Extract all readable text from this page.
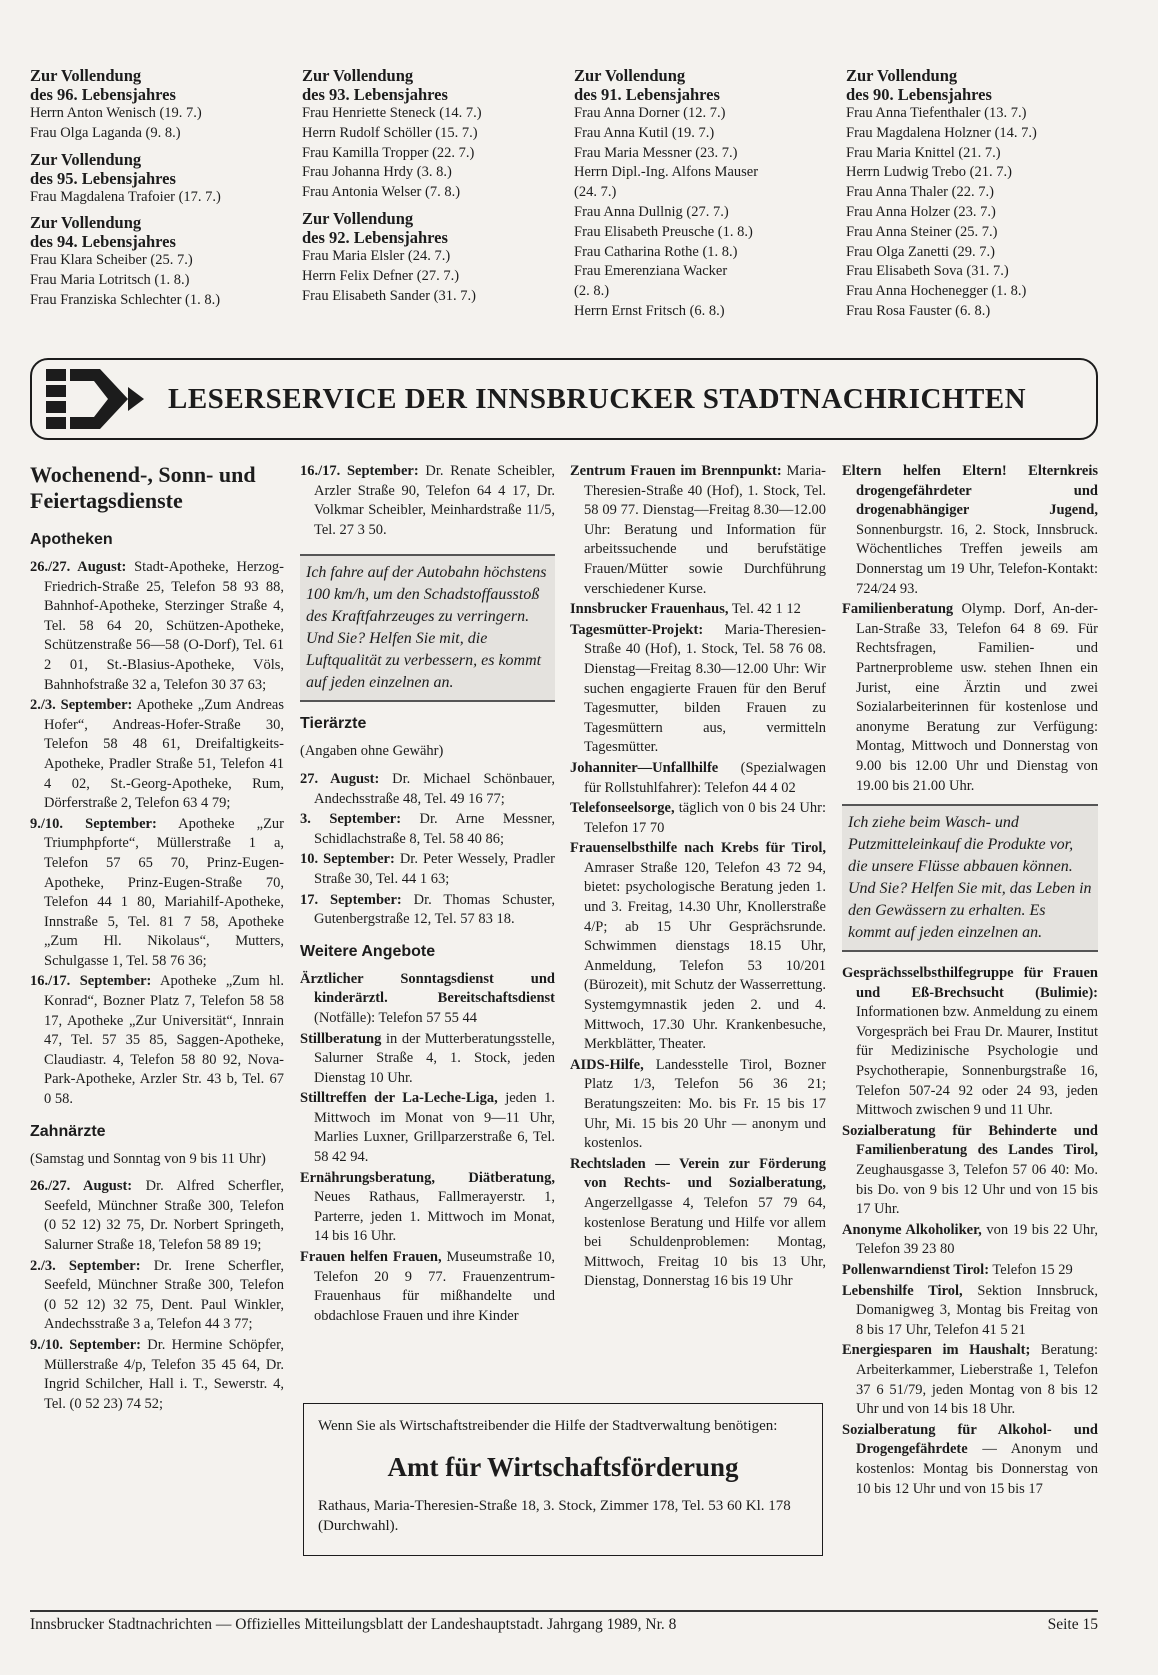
Zur Vollendung
des 96. Lebensjahres
Herrn Anton Wenisch (19. 7.)
Frau Olga Laganda (9. 8.)
Zur Vollendung
des 95. Lebensjahres
Frau Magdalena Trafoier (17. 7.)
Zur Vollendung
des 94. Lebensjahres
Frau Klara Scheiber (25. 7.)
Frau Maria Lotritsch (1. 8.)
Frau Franziska Schlechter (1. 8.)
Zur Vollendung
des 93. Lebensjahres
Frau Henriette Steneck (14. 7.)
Herrn Rudolf Schöller (15. 7.)
Frau Kamilla Tropper (22. 7.)
Frau Johanna Hrdy (3. 8.)
Frau Antonia Welser (7. 8.)
Zur Vollendung
des 92. Lebensjahres
Frau Maria Elsler (24. 7.)
Herrn Felix Defner (27. 7.)
Frau Elisabeth Sander (31. 7.)
Zur Vollendung
des 91. Lebensjahres
Frau Anna Dorner (12. 7.)
Frau Anna Kutil (19. 7.)
Frau Maria Messner (23. 7.)
Herrn Dipl.-Ing. Alfons Mauser
(24. 7.)
Frau Anna Dullnig (27. 7.)
Frau Elisabeth Preusche (1. 8.)
Frau Catharina Rothe (1. 8.)
Frau Emerenziana Wacker
(2. 8.)
Herrn Ernst Fritsch (6. 8.)
Zur Vollendung
des 90. Lebensjahres
Frau Anna Tiefenthaler (13. 7.)
Frau Magdalena Holzner (14. 7.)
Frau Maria Knittel (21. 7.)
Herrn Ludwig Trebo (21. 7.)
Frau Anna Thaler (22. 7.)
Frau Anna Holzer (23. 7.)
Frau Anna Steiner (25. 7.)
Frau Olga Zanetti (29. 7.)
Frau Elisabeth Sova (31. 7.)
Frau Anna Hochenegger (1. 8.)
Frau Rosa Fauster (6. 8.)
LESERSERVICE DER INNSBRUCKER STADTNACHRICHTEN
Wochenend-, Sonn- und Feiertagsdienste
Apotheken

26./27. August: Stadt-Apotheke, Herzog-Friedrich-Straße 25, Telefon 58 93 88, Bahnhof-Apotheke, Sterzinger Straße 4, Tel. 58 64 20, Schützen-Apotheke, Schützenstraße 56—58 (O-Dorf), Tel. 61 2 01, St.-Blasius-Apotheke, Völs, Bahnhofstraße 32 a, Telefon 30 37 63;

2./3. September: Apotheke „Zum Andreas Hofer“, Andreas-Hofer-Straße 30, Telefon 58 48 61, Dreifaltigkeits-Apotheke, Pradler Straße 51, Telefon 41 4 02, St.-Georg-Apotheke, Rum, Dörferstraße 2, Telefon 63 4 79;

9./10. September: Apotheke „Zur Triumphpforte“, Müllerstraße 1 a, Telefon 57 65 70, Prinz-Eugen-Apotheke, Prinz-Eugen-Straße 70, Telefon 44 1 80, Mariahilf-Apotheke, Innstraße 5, Tel. 81 7 58, Apotheke „Zum Hl. Nikolaus“, Mutters, Schulgasse 1, Tel. 58 76 36;

16./17. September: Apotheke „Zum hl. Konrad“, Bozner Platz 7, Telefon 58 58 17, Apotheke „Zur Universität“, Innrain 47, Tel. 57 35 85, Saggen-Apotheke, Claudiastr. 4, Telefon 58 80 92, Nova-Park-Apotheke, Arzler Str. 43 b, Tel. 67 0 58.

Zahnärzte
(Samstag und Sonntag von 9 bis 11 Uhr)

26./27. August: Dr. Alfred Scherfler, Seefeld, Münchner Straße 300, Telefon (0 52 12) 32 75, Dr. Norbert Springeth, Salurner Straße 18, Telefon 58 89 19;

2./3. September: Dr. Irene Scherfler, Seefeld, Münchner Straße 300, Telefon (0 52 12) 32 75, Dent. Paul Winkler, Andechsstraße 3 a, Telefon 44 3 77;

9./10. September: Dr. Hermine Schöpfer, Müllerstraße 4/p, Telefon 35 45 64, Dr. Ingrid Schilcher, Hall i. T., Sewerstr. 4, Tel. (0 52 23) 74 52;

16./17. September: Dr. Renate Scheibler, Arzler Straße 90, Telefon 64 4 17, Dr. Volkmar Scheibler, Meinhardstraße 11/5, Tel. 27 3 50.

Ich fahre auf der Autobahn höchstens 100 km/h, um den Schadstoffausstoß des Kraftfahrzeuges zu verringern. Und Sie? Helfen Sie mit, die Luftqualität zu verbessern, es kommt auf jeden einzelnen an.
Tierärzte
(Angaben ohne Gewähr)

27. August: Dr. Michael Schönbauer, Andechsstraße 48, Tel. 49 16 77;

3. September: Dr. Arne Messner, Schidlachstraße 8, Tel. 58 40 86;

10. September: Dr. Peter Wessely, Pradler Straße 30, Tel. 44 1 63;

17. September: Dr. Thomas Schuster, Gutenbergstraße 12, Tel. 57 83 18.

Weitere Angebote

Ärztlicher Sonntagsdienst und kinderärztl. Bereitschaftsdienst (Notfälle): Telefon 57 55 44

Stillberatung in der Mutterberatungsstelle, Salurner Straße 4, 1. Stock, jeden Dienstag 10 Uhr.

Stilltreffen der La-Leche-Liga, jeden 1. Mittwoch im Monat von 9—11 Uhr, Marlies Luxner, Grillparzerstraße 6, Tel. 58 42 94.

Ernährungsberatung, Diätberatung, Neues Rathaus, Fallmerayerstr. 1, Parterre, jeden 1. Mittwoch im Monat, 14 bis 16 Uhr.

Frauen helfen Frauen, Museumstraße 10, Telefon 20 9 77. Frauenzentrum-Frauenhaus für mißhandelte und obdachlose Frauen und ihre Kinder

Zentrum Frauen im Brennpunkt: Maria-Theresien-Straße 40 (Hof), 1. Stock, Tel. 58 09 77. Dienstag—Freitag 8.30—12.00 Uhr: Beratung und Information für arbeitssuchende und berufstätige Frauen/Mütter sowie Durchführung verschiedener Kurse.

Innsbrucker Frauenhaus, Tel. 42 1 12

Tagesmütter-Projekt: Maria-Theresien-Straße 40 (Hof), 1. Stock, Tel. 58 76 08. Dienstag—Freitag 8.30—12.00 Uhr: Wir suchen engagierte Frauen für den Beruf Tagesmutter, bilden Frauen zu Tagesmüttern aus, vermitteln Tagesmütter.

Johanniter—Unfallhilfe (Spezialwagen für Rollstuhlfahrer): Telefon 44 4 02

Telefonseelsorge, täglich von 0 bis 24 Uhr: Telefon 17 70

Frauenselbsthilfe nach Krebs für Tirol, Amraser Straße 120, Telefon 43 72 94, bietet: psychologische Beratung jeden 1. und 3. Freitag, 14.30 Uhr, Knollerstraße 4/P; ab 15 Uhr Gesprächsrunde. Schwimmen dienstags 18.15 Uhr, Anmeldung, Telefon 53 10/201 (Bürozeit), mit Schutz der Wasserrettung. Systemgymnastik jeden 2. und 4. Mittwoch, 17.30 Uhr. Krankenbesuche, Merkblätter, Theater.

AIDS-Hilfe, Landesstelle Tirol, Bozner Platz 1/3, Telefon 56 36 21; Beratungszeiten: Mo. bis Fr. 15 bis 17 Uhr, Mi. 15 bis 20 Uhr — anonym und kostenlos.

Rechtsladen — Verein zur Förderung von Rechts- und Sozialberatung, Angerzellgasse 4, Telefon 57 79 64, kostenlose Beratung und Hilfe vor allem bei Schuldenproblemen: Montag, Mittwoch, Freitag 10 bis 13 Uhr, Dienstag, Donnerstag 16 bis 19 Uhr

Eltern helfen Eltern! Elternkreis drogengefährdeter und drogenabhängiger Jugend, Sonnenburgstr. 16, 2. Stock, Innsbruck. Wöchentliches Treffen jeweils am Donnerstag um 19 Uhr, Telefon-Kontakt: 724/24 93.

Familienberatung Olymp. Dorf, An-der-Lan-Straße 33, Telefon 64 8 69. Für Rechtsfragen, Familien- und Partnerprobleme usw. stehen Ihnen ein Jurist, eine Ärztin und zwei Sozialarbeiterinnen für kostenlose und anonyme Beratung zur Verfügung: Montag, Mittwoch und Donnerstag von 9.00 bis 12.00 Uhr und Dienstag von 19.00 bis 21.00 Uhr.

Ich ziehe beim Wasch- und Putzmitteleinkauf die Produkte vor, die unsere Flüsse abbauen können. Und Sie? Helfen Sie mit, das Leben in den Gewässern zu erhalten. Es kommt auf jeden einzelnen an.

Gesprächsselbsthilfegruppe für Frauen und Eß-Brechsucht (Bulimie): Informationen bzw. Anmeldung zu einem Vorgespräch bei Frau Dr. Maurer, Institut für Medizinische Psychologie und Psychotherapie, Sonnenburgstraße 16, Telefon 507-24 92 oder 24 93, jeden Mittwoch zwischen 9 und 11 Uhr.

Sozialberatung für Behinderte und Familienberatung des Landes Tirol, Zeughausgasse 3, Telefon 57 06 40: Mo. bis Do. von 9 bis 12 Uhr und von 15 bis 17 Uhr.

Anonyme Alkoholiker, von 19 bis 22 Uhr, Telefon 39 23 80

Pollenwarndienst Tirol: Telefon 15 29

Lebenshilfe Tirol, Sektion Innsbruck, Domanigweg 3, Montag bis Freitag von 8 bis 17 Uhr, Telefon 41 5 21

Energiesparen im Haushalt; Beratung: Arbeiterkammer, Lieberstraße 1, Telefon 37 6 51/79, jeden Montag von 8 bis 12 Uhr und von 14 bis 18 Uhr.

Sozialberatung für Alkohol- und Drogengefährdete — Anonym und kostenlos: Montag bis Donnerstag von 10 bis 12 Uhr und von 15 bis 17

Wenn Sie als Wirtschaftstreibender die Hilfe der Stadtverwaltung benötigen:
Amt für Wirtschaftsförderung
Rathaus, Maria-Theresien-Straße 18, 3. Stock, Zimmer 178, Tel. 53 60 Kl. 178 (Durchwahl).
Innsbrucker Stadtnachrichten — Offizielles Mitteilungsblatt der Landeshauptstadt. Jahrgang 1989, Nr. 8	Seite 15
